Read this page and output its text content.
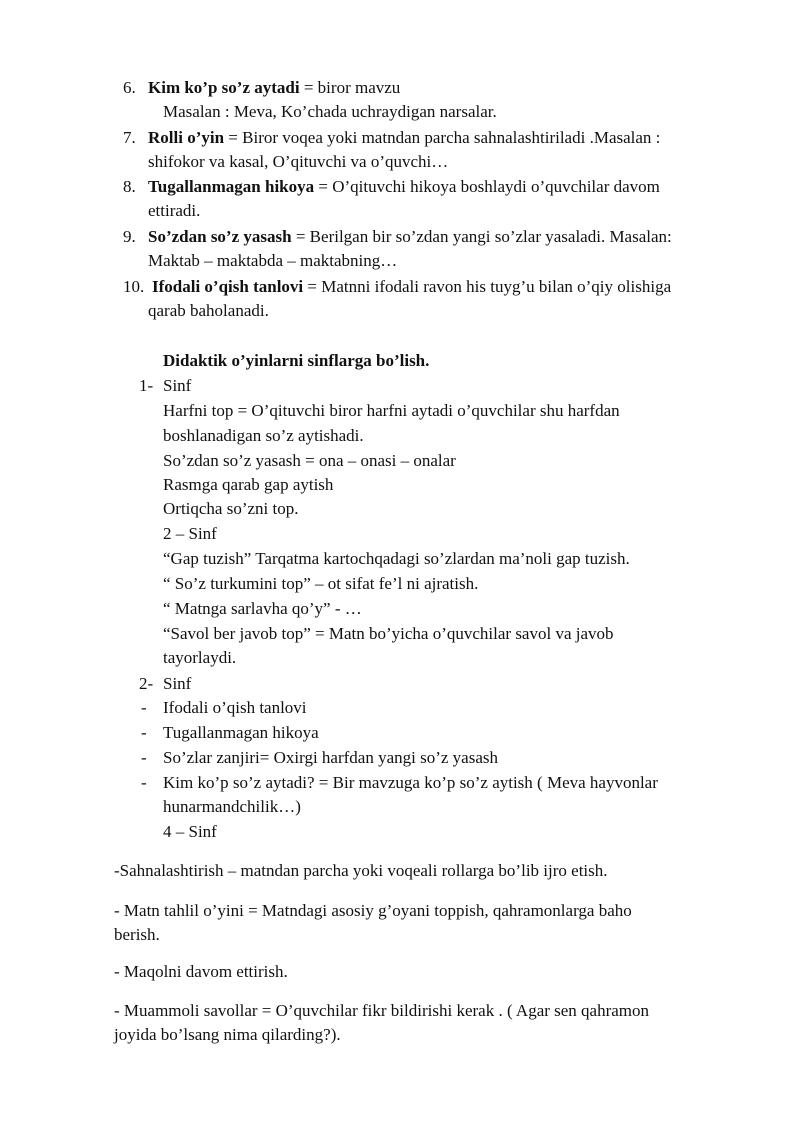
6. Kim ko’p so’z aytadi = biror mavzu
Masalan : Meva, Ko’chada uchraydigan narsalar.
7. Rolli o’yin = Biror voqea yoki matndan parcha sahnalashtiriladi .Masalan :
shifokor va kasal, O’qituvchi va o’quvchi…
8. Tugallanmagan hikoya = O’qituvchi hikoya boshlaydi o’quvchilar davom
ettiradi.
9. So’zdan so’z yasash = Berilgan bir so’zdan yangi so’zlar yasaladi. Masalan:
Maktab – maktabda – maktabning…
10. Ifodali o’qish tanlovi = Matnni ifodali ravon his tuyg’u bilan o’qiy olishiga
qarab baholanadi.
Didaktik o’yinlarni sinflarga bo’lish.
1- Sinf
Harfni top = O’qituvchi biror harfni aytadi o’quvchilar shu harfdan
boshlanadigan so’z aytishadi.
So’zdan so’z yasash = ona – onasi – onalar
Rasmga qarab gap aytish
Ortiqcha so’zni top.
2 – Sinf
“Gap tuzish” Tarqatma kartochqadagi so’zlardan ma’noli gap tuzish.
“ So’z turkumini top” – ot sifat fe’l ni ajratish.
“ Matnga sarlavha qo’y” - …
“Savol ber javob top” = Matn bo’yicha o’quvchilar savol va javob
tayorlaydi.
2- Sinf
- Ifodali o’qish tanlovi
- Tugallanmagan hikoya
- So’zlar zanjiri= Oxirgi harfdan yangi so’z yasash
- Kim ko’p so’z aytadi? = Bir mavzuga ko’p so’z aytish ( Meva hayvonlar
hunarmandchilik…)
4 – Sinf
-Sahnalashtirish – matndan parcha yoki voqeali rollarga bo’lib ijro etish.
- Matn tahlil o’yini = Matndagi asosiy g’oyani toppish, qahramonlarga baho
berish.
- Maqolni davom ettirish.
- Muammoli savollar = O’quvchilar fikr bildirishi kerak . ( Agar sen qahramon
joyida bo’lsang nima qilarding?).
